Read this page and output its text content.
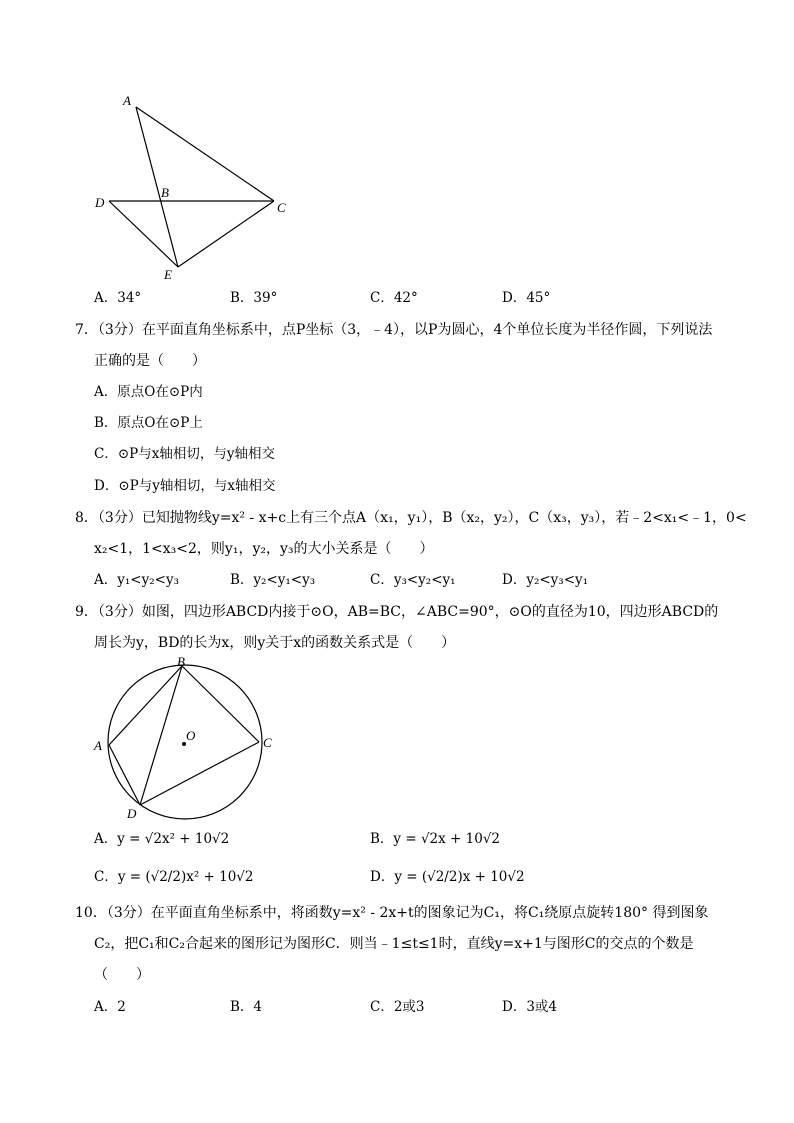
A
B
C
D
E
A．34°	B．39°	C．42°	D．45°
7．（3分）在平面直角坐标系中，点P坐标（3，﹣4），以P为圆心，4个单位长度为半径作圆，下列说法
正确的是（　　）
A．原点O在⊙P内
B．原点O在⊙P上
C．⊙P与x轴相切，与y轴相交
D．⊙P与y轴相切，与x轴相交
8．（3分）已知抛物线y=x² - x+c上有三个点A（x₁，y₁），B（x₂，y₂），C（x₃，y₃），若﹣2<x₁<﹣1，0<
x₂<1，1<x₃<2，则y₁，y₂，y₃的大小关系是（　　）
A．y₁<y₂<y₃	B．y₂<y₁<y₃	C．y₃<y₂<y₁	D．y₂<y₃<y₁
9．（3分）如图，四边形ABCD内接于⊙O，AB=BC，∠ABC=90°，⊙O的直径为10，四边形ABCD的
周长为y，BD的长为x，则y关于x的函数关系式是（　　）
B
A	C
D
O
A．y = √2x² + 10√2	B．y = √2x + 10√2
C．y = (√2/2)x² + 10√2	D．y = (√2/2)x + 10√2
10．（3分）在平面直角坐标系中，将函数y=x² - 2x+t的图象记为C₁，将C₁绕原点旋转180° 得到图象
C₂，把C₁和C₂合起来的图形记为图形C．则当﹣1≤t≤1时，直线y=x+1与图形C的交点的个数是
（　　）
A．2	B．4	C．2或3	D．3或4
